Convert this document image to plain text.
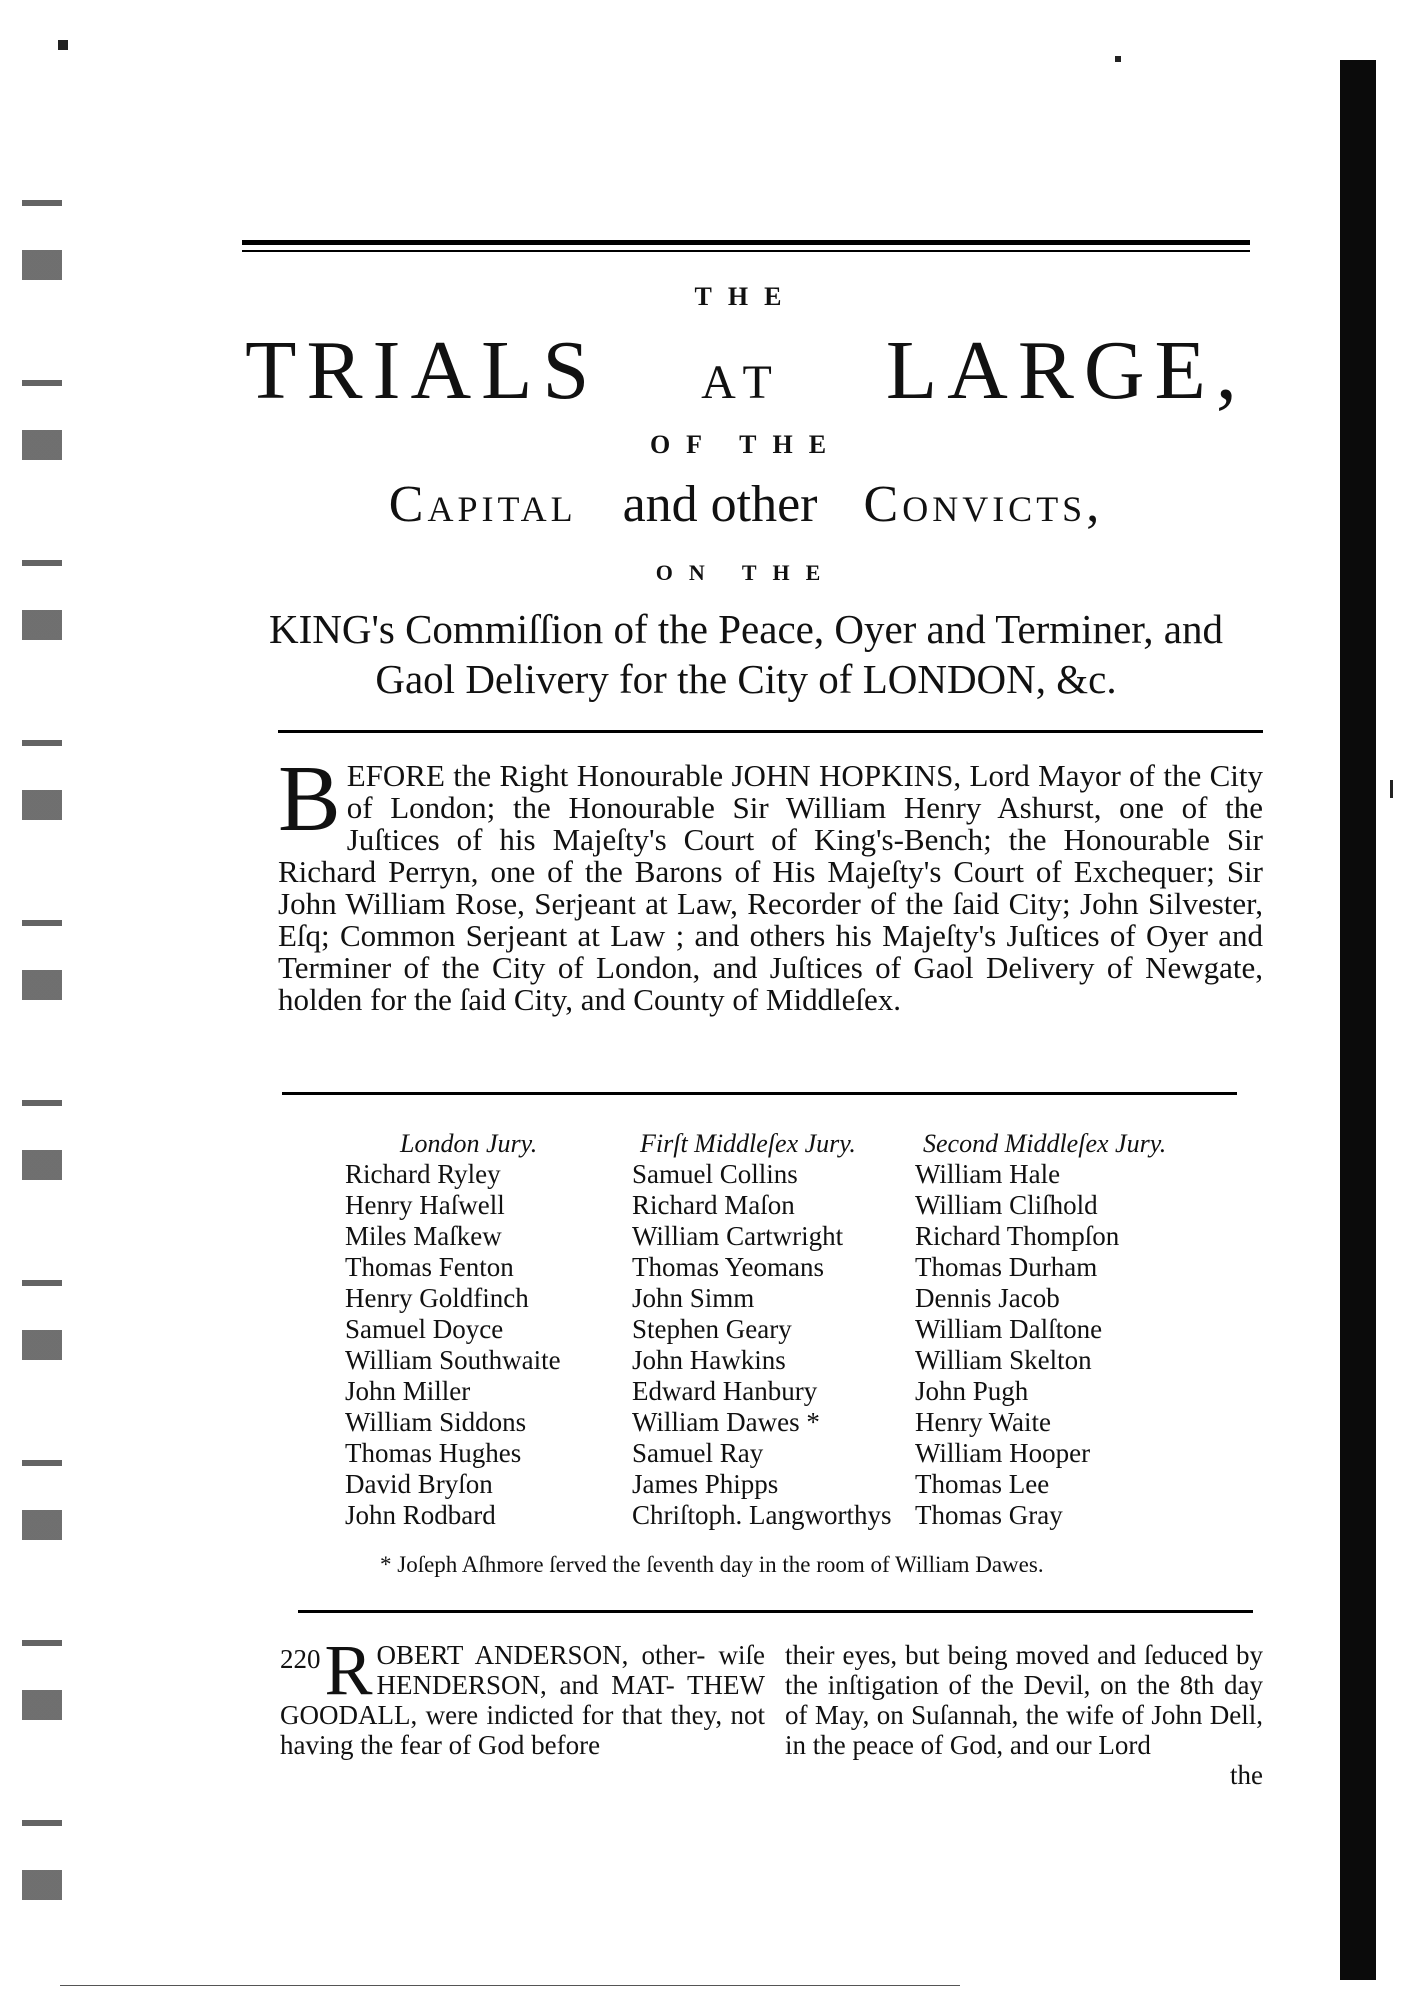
THE
TRIALS AT LARGE,
OF THE
Capital and other Convicts,
ON THE
KING's Commiſſion of the Peace, Oyer and Terminer, and
Gaol Delivery for the City of LONDON, &c.
BEFORE the Right Honourable JOHN HOPKINS, Lord Mayor of the City of London; the Honourable Sir William Henry Ashurst, one of the Juſtices of his Majeſty's Court of King's-Bench; the Honourable Sir Richard Perryn, one of the Barons of His Majeſty's Court of Exchequer; Sir John William Rose, Serjeant at Law, Recorder of the ſaid City; John Silvester, Eſq; Common Serjeant at Law ; and others his Majeſty's Juſtices of Oyer and Terminer of the City of London, and Juſtices of Gaol Delivery of Newgate, holden for the ſaid City, and County of Middleſex.
London Jury.
Richard Ryley
Henry Haſwell
Miles Maſkew
Thomas Fenton
Henry Goldfinch
Samuel Doyce
William Southwaite
John Miller
William Siddons
Thomas Hughes
David Bryſon
John Rodbard
Firſt Middleſex Jury.
Samuel Collins
Richard Maſon
William Cartwright
Thomas Yeomans
John Simm
Stephen Geary
John Hawkins
Edward Hanbury
William Dawes *
Samuel Ray
James Phipps
Chriſtoph. Langworthys
Second Middleſex Jury.
William Hale
William Cliſhold
Richard Thompſon
Thomas Durham
Dennis Jacob
William Dalſtone
William Skelton
John Pugh
Henry Waite
William Hooper
Thomas Lee
Thomas Gray
* Joſeph Aſhmore ſerved the ſeventh day in the room of William Dawes.
220 R OBERT ANDERSON, other- wiſe HENDERSON, and MAT- THEW GOODALL, were indicted for that they, not having the fear of God before
their eyes, but being moved and ſeduced by the inſtigation of the Devil, on the 8th day of May, on Suſannah, the wife of John Dell, in the peace of God, and our Lord
the
